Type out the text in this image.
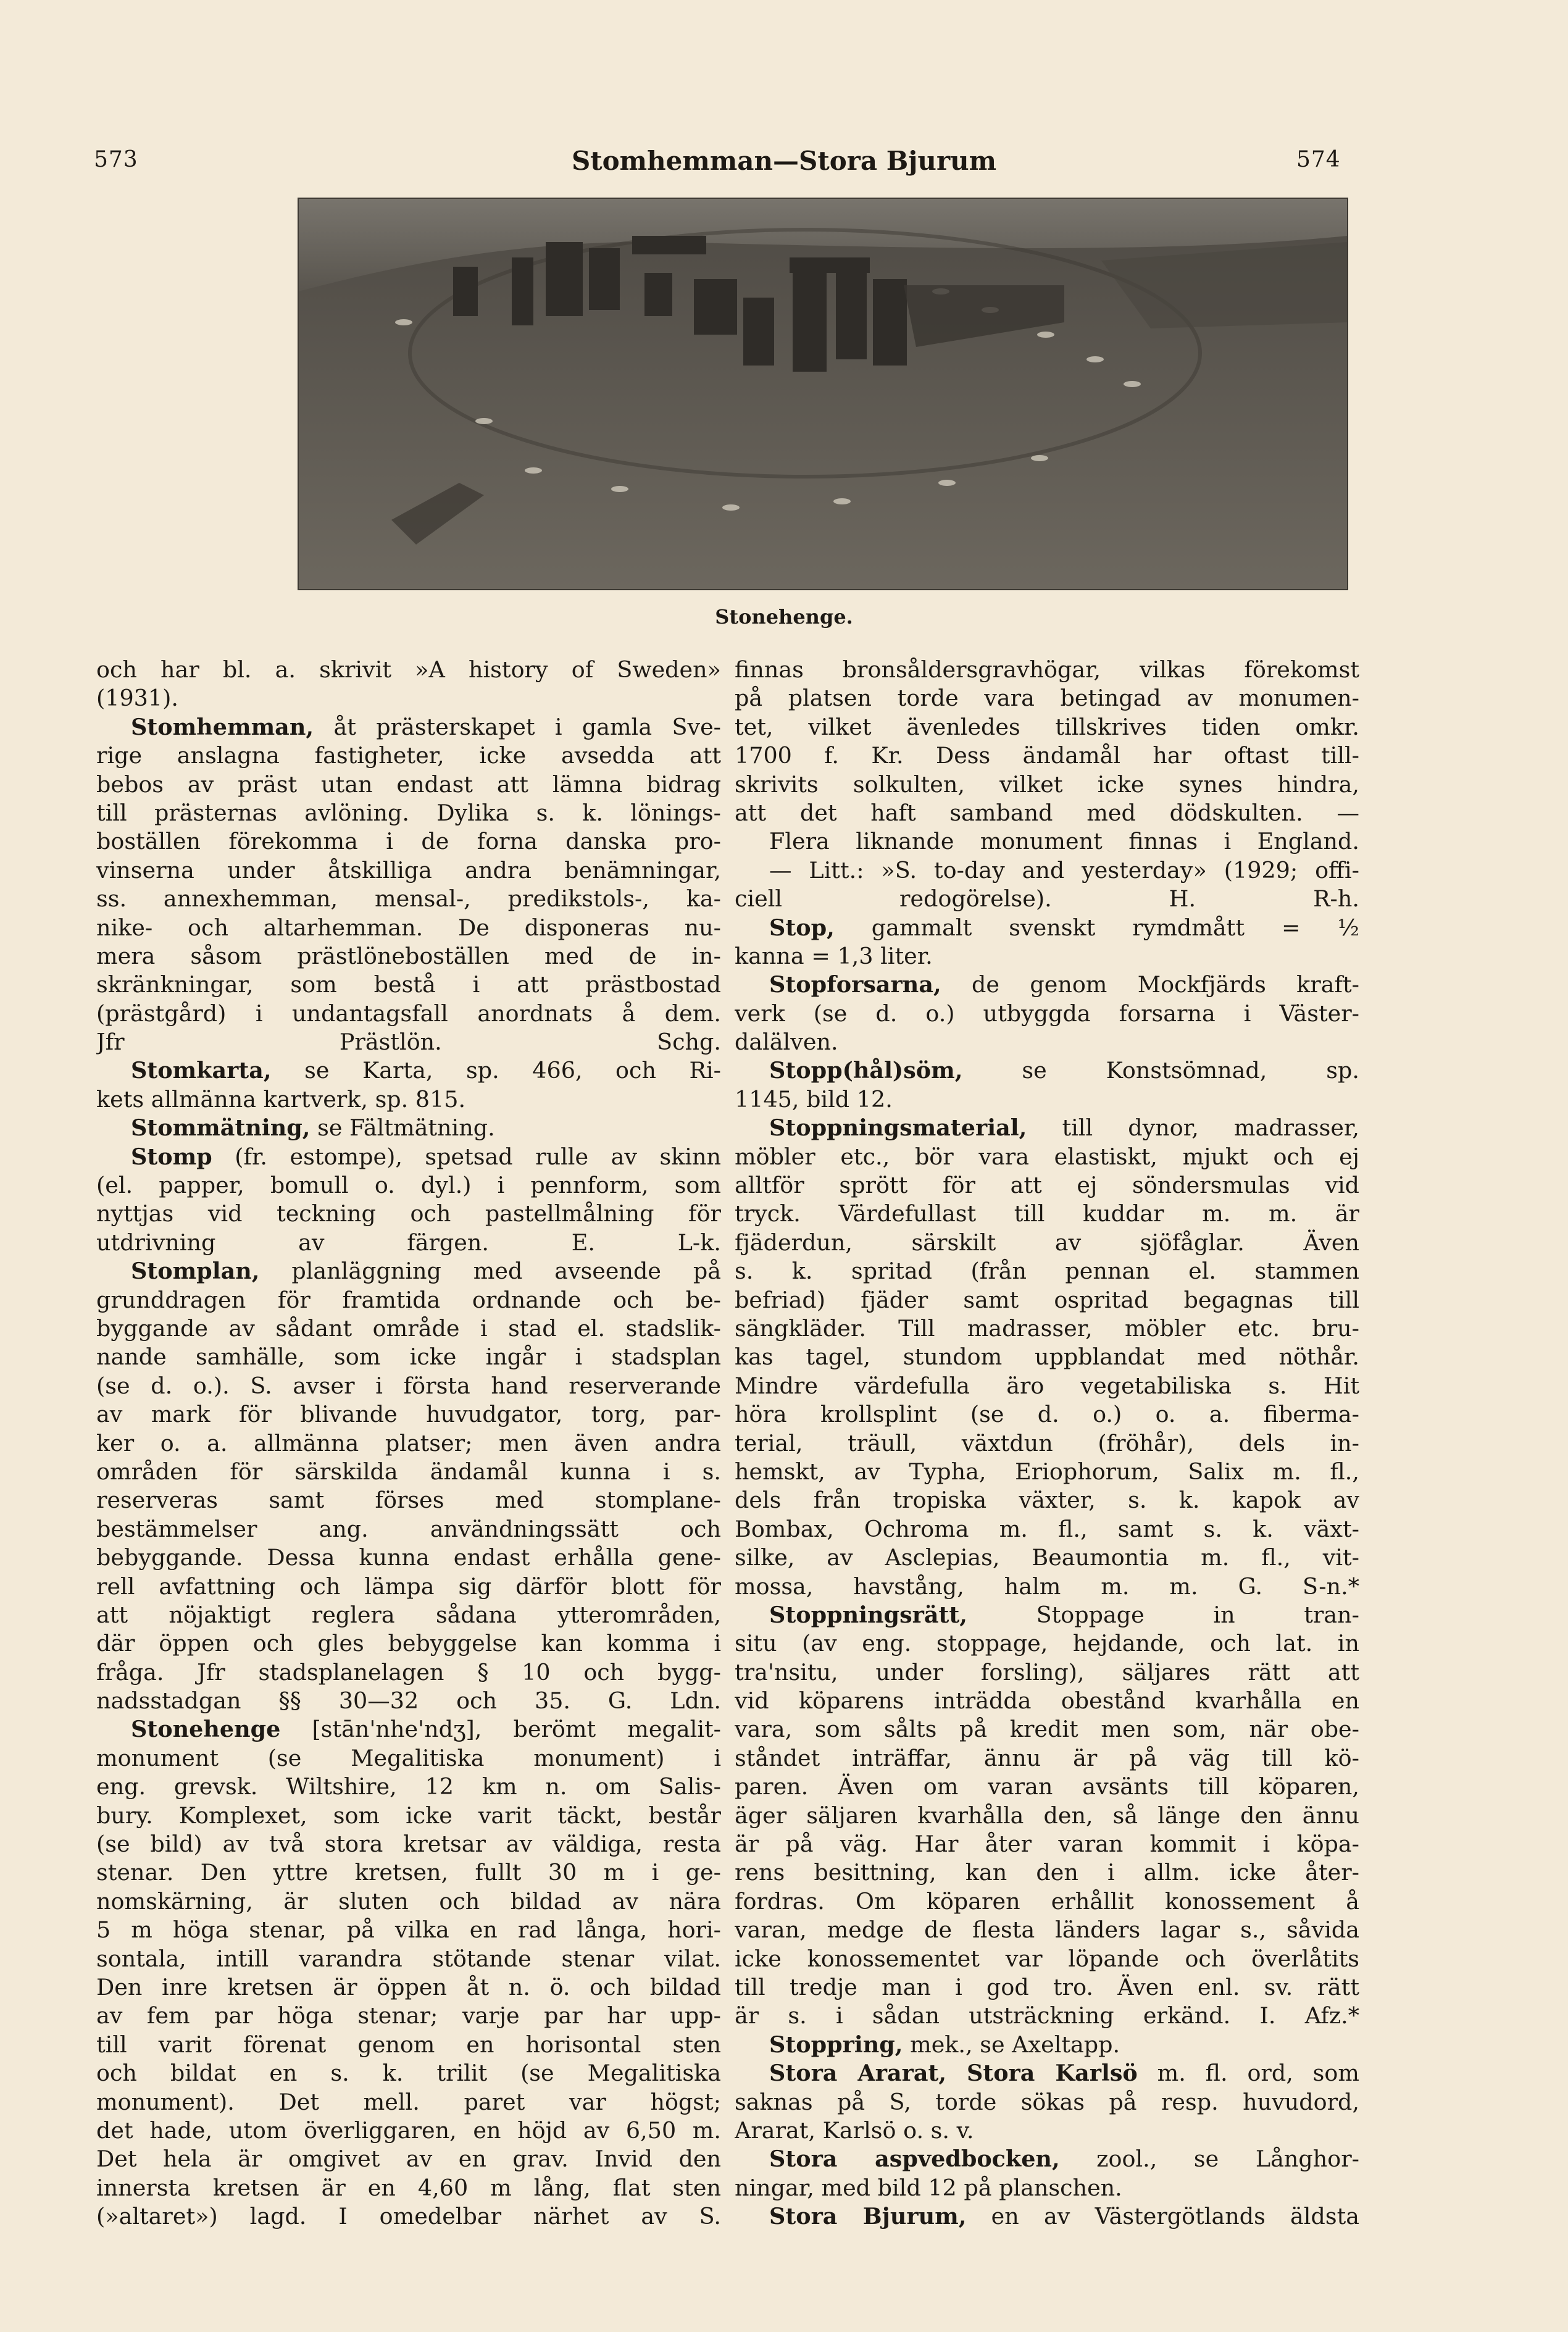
573	Stomhemman—Stora Bjurum	574
Stonehenge.
och har bl. a. skrivit »A history of Sweden»
(1931).
Stomhemman, åt prästerskapet i gamla Sve-
rige anslagna fastigheter, icke avsedda att
bebos av präst utan endast att lämna bidrag
till prästernas avlöning. Dylika s. k. lönings-
boställen förekomma i de forna danska pro-
vinserna under åtskilliga andra benämningar,
ss. annexhemman, mensal-, predikstols-, ka-
nike- och altarhemman. De disponeras nu-
mera såsom prästlöneboställen med de in-
skränkningar, som bestå i att prästbostad
(prästgård) i undantagsfall anordnats å dem.
Jfr Prästlön. Schg.
Stomkarta, se Karta, sp. 466, och Ri-
kets allmänna kartverk, sp. 815.
Stommätning, se Fältmätning.
Stomp (fr. estompe), spetsad rulle av skinn
(el. papper, bomull o. dyl.) i pennform, som
nyttjas vid teckning och pastellmålning för
utdrivning av färgen. E. L-k.
Stomplan, planläggning med avseende på
grunddragen för framtida ordnande och be-
byggande av sådant område i stad el. stadslik-
nande samhälle, som icke ingår i stadsplan
(se d. o.). S. avser i första hand reserverande
av mark för blivande huvudgator, torg, par-
ker o. a. allmänna platser; men även andra
områden för särskilda ändamål kunna i s.
reserveras samt förses med stomplane-
bestämmelser ang. användningssätt och
bebyggande. Dessa kunna endast erhålla gene-
rell avfattning och lämpa sig därför blott för
att nöjaktigt reglera sådana ytterområden,
där öppen och gles bebyggelse kan komma i
fråga. Jfr stadsplanelagen § 10 och bygg-
nadsstadgan §§ 30—32 och 35. G. Ldn.
Stonehenge [stān'nhe'ndʒ], berömt megalit-
monument (se Megalitiska monument) i
eng. grevsk. Wiltshire, 12 km n. om Salis-
bury. Komplexet, som icke varit täckt, består
(se bild) av två stora kretsar av väldiga, resta
stenar. Den yttre kretsen, fullt 30 m i ge-
nomskärning, är sluten och bildad av nära
5 m höga stenar, på vilka en rad långa, hori-
sontala, intill varandra stötande stenar vilat.
Den inre kretsen är öppen åt n. ö. och bildad
av fem par höga stenar; varje par har upp-
till varit förenat genom en horisontal sten
och bildat en s. k. trilit (se Megalitiska
monument). Det mell. paret var högst;
det hade, utom överliggaren, en höjd av 6,50 m.
Det hela är omgivet av en grav. Invid den
innersta kretsen är en 4,60 m lång, flat sten
(»altaret») lagd. I omedelbar närhet av S.
finnas bronsåldersgravhögar, vilkas förekomst
på platsen torde vara betingad av monumen-
tet, vilket ävenledes tillskrives tiden omkr.
1700 f. Kr. Dess ändamål har oftast till-
skrivits solkulten, vilket icke synes hindra,
att det haft samband med dödskulten. —
Flera liknande monument finnas i England.
— Litt.: »S. to-day and yesterday» (1929; offi-
ciell redogörelse). H. R-h.
Stop, gammalt svenskt rymdmått = ½
kanna = 1,3 liter.
Stopforsarna, de genom Mockfjärds kraft-
verk (se d. o.) utbyggda forsarna i Väster-
dalälven.
Stopp(hål)söm, se Konstsömnad, sp.
1145, bild 12.
Stoppningsmaterial, till dynor, madrasser,
möbler etc., bör vara elastiskt, mjukt och ej
alltför sprött för att ej söndersmulas vid
tryck. Värdefullast till kuddar m. m. är
fjäderdun, särskilt av sjöfåglar. Även
s. k. spritad (från pennan el. stammen
befriad) fjäder samt ospritad begagnas till
sängkläder. Till madrasser, möbler etc. bru-
kas tagel, stundom uppblandat med nöthår.
Mindre värdefulla äro vegetabiliska s. Hit
höra krollsplint (se d. o.) o. a. fiberma-
terial, träull, växtdun (fröhår), dels in-
hemskt, av Typha, Eriophorum, Salix m. fl.,
dels från tropiska växter, s. k. kapok av
Bombax, Ochroma m. fl., samt s. k. växt-
silke, av Asclepias, Beaumontia m. fl., vit-
mossa, havstång, halm m. m. G. S-n.*
Stoppningsrätt, Stoppage in tran-
situ (av eng. stoppage, hejdande, och lat. in
tra'nsitu, under forsling), säljares rätt att
vid köparens inträdda obestånd kvarhålla en
vara, som sålts på kredit men som, när obe-
ståndet inträffar, ännu är på väg till kö-
paren. Även om varan avsänts till köparen,
äger säljaren kvarhålla den, så länge den ännu
är på väg. Har åter varan kommit i köpa-
rens besittning, kan den i allm. icke åter-
fordras. Om köparen erhållit konossement å
varan, medge de flesta länders lagar s., såvida
icke konossementet var löpande och överlåtits
till tredje man i god tro. Även enl. sv. rätt
är s. i sådan utsträckning erkänd. I. Afz.*
Stoppring, mek., se Axeltapp.
Stora Ararat, Stora Karlsö m. fl. ord, som
saknas på S, torde sökas på resp. huvudord,
Ararat, Karlsö o. s. v.
Stora aspvedbocken, zool., se Långhor-
ningar, med bild 12 på planschen.
Stora Bjurum, en av Västergötlands äldsta
